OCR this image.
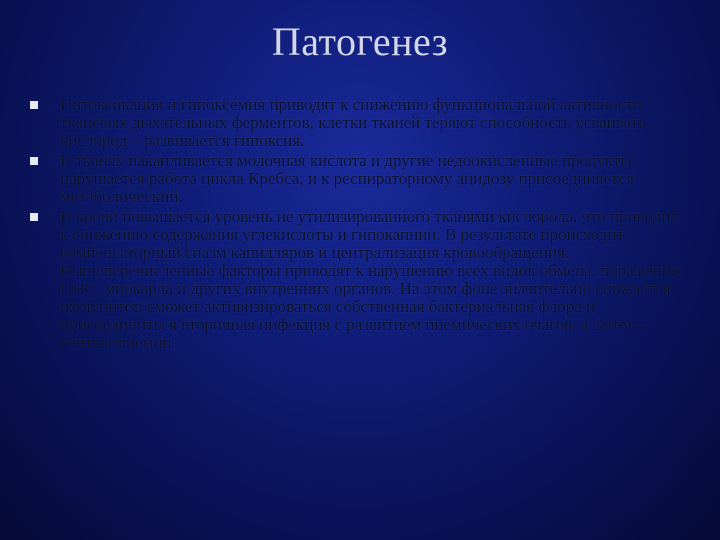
Патогенез
Интоксикация и гипоксемия приводят к снижению функциональной активности тканевых дыхательных ферментов, клетки тканей теряют способность усваивать кислород – развивается гипоксия.
В тканях накапливается молочная кислота и другие недоокисленные продукты, нарушается работа цикла Кребса, и к респираторному ацидозу присоединяется метаболический.
В крови повышается уровень не утилизированного тканями кислорода, что приводит к снижению содержания углекислоты и гипокапнии. В результате происходит компенсаторный спазм капилляров и централизация кровообращения. Вышеперечисленные факторы приводят к нарушению всех видов обмена, поражению ЦНС, миокарда и других внутренних органов. На этом фоне значительно снижается иммунитет, сможет активизироваться собственная бактериальная флора и присоединиться вторичная инфекция с развитием пиемических очагов, а затем – септикопиемии
